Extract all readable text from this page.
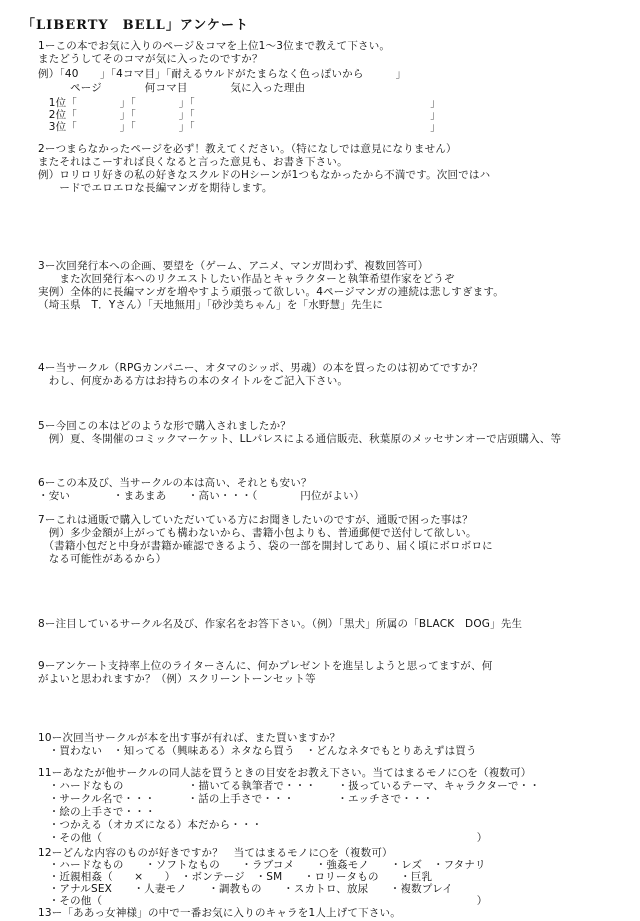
「LIBERTY　BELL」アンケート
1ーこの本でお気に入りのページ＆コマを上位1～3位まで教えて下さい。
またどうしてそのコマが気に入ったのですか？
例）「40　　」「4コマ目」「耐えるウルドがたまらなく色っぽいから　　　」
　　　ページ　　　　何コマ目　　　　気に入った理由
　1位「　　　　」「　　　　」「　　　　　　　　　　　　　　　　　　　　　　」
　2位「　　　　」「　　　　」「　　　　　　　　　　　　　　　　　　　　　　」
　3位「　　　　」「　　　　」「　　　　　　　　　　　　　　　　　　　　　　」
2ーつまらなかったページを必ず！教えてください。（特になしでは意見になりません）
またそれはこーすれば良くなると言った意見も、お書き下さい。
例）ロリロリ好きの私の好きなスクルドのHシーンが1つもなかったから不満です。次回ではハ
　　ードでエロエロな長編マンガを期待します。
3ー次回発行本への企画、要望を（ゲーム、アニメ、マンガ問わず、複数回答可）
　　また次回発行本へのリクエストしたい作品とキャラクターと執筆希望作家をどうぞ
実例）全体的に長編マンガを増やすよう頑張って欲しい。4ページマンガの連続は悲しすぎます。
（埼玉県　T．Yさん）「天地無用」「砂沙美ちゃん」を「水野慧」先生に
4ー当サークル（RPGカンパニー、オタマのシッポ、男魂）の本を買ったのは初めてですか？
　わし、何度かある方はお持ちの本のタイトルをご記入下さい。
5ー今回この本はどのような形で購入されましたか？
　例）夏、冬開催のコミックマーケット、LLパレスによる通信販売、秋葉原のメッセサンオーで店頭購入、等
6ーこの本及び、当サークルの本は高い、それとも安い？
・安い　　　　・まあまあ　　・高い・・・（　　　　円位がよい）
7ーこれは通販で購入していただいている方にお聞きしたいのですが、通販で困った事は？
　例）多少金額が上がっても構わないから、書籍小包よりも、普通郵便で送付して欲しい。
　（書籍小包だと中身が書籍か確認できるよう、袋の一部を開封してあり、届く頃にボロボロに
　なる可能性があるから）
8ー注目しているサークル名及び、作家名をお答下さい。（例）「黒犬」所属の「BLACK　DOG」先生
9ーアンケート支持率上位のライターさんに、何かプレゼントを進呈しようと思ってますが、何
がよいと思われますか？（例）スクリーントーンセット等
10ー次回当サークルが本を出す事が有れば、また買いますか？
　・買わない　・知ってる（興味ある）ネタなら買う　・どんなネタでもとりあえずは買う
11ーあなたが他サークルの同人誌を買うときの目安をお教え下さい。当てはまるモノに○を（複数可）
　・ハードなもの　　　　　　・描いてる執筆者で・・・　　・扱っているテーマ、キャラクターで・・
　・サークル名で・・・　　　・話の上手さで・・・　　　　・エッチさで・・・
　・絵の上手さで・・・
　・つかえる（オカズになる）本だから・・・
　・その他（　　　　　　　　　　　　　　　　　　　　　　　　　　　　　　　　　　　）
12ーどんな内容のものが好きですか？　当てはまるモノに○を（複数可）
　・ハードなもの　　・ソフトなもの　　・ラブコメ　　・強姦モノ　　・レズ　・フタナリ
　・近親相姦（　　×　　）　・ボンテージ　・SM　　・ロリータもの　　・巨乳
　・アナルSEX　　・人妻モノ　　・調教もの　　・スカトロ、放尿　　・複数プレイ
　・その他（　　　　　　　　　　　　　　　　　　　　　　　　　　　　　　　　　　　）
13ー「ああっ女神様」の中で一番お気に入りのキャラを1人上げて下さい。
